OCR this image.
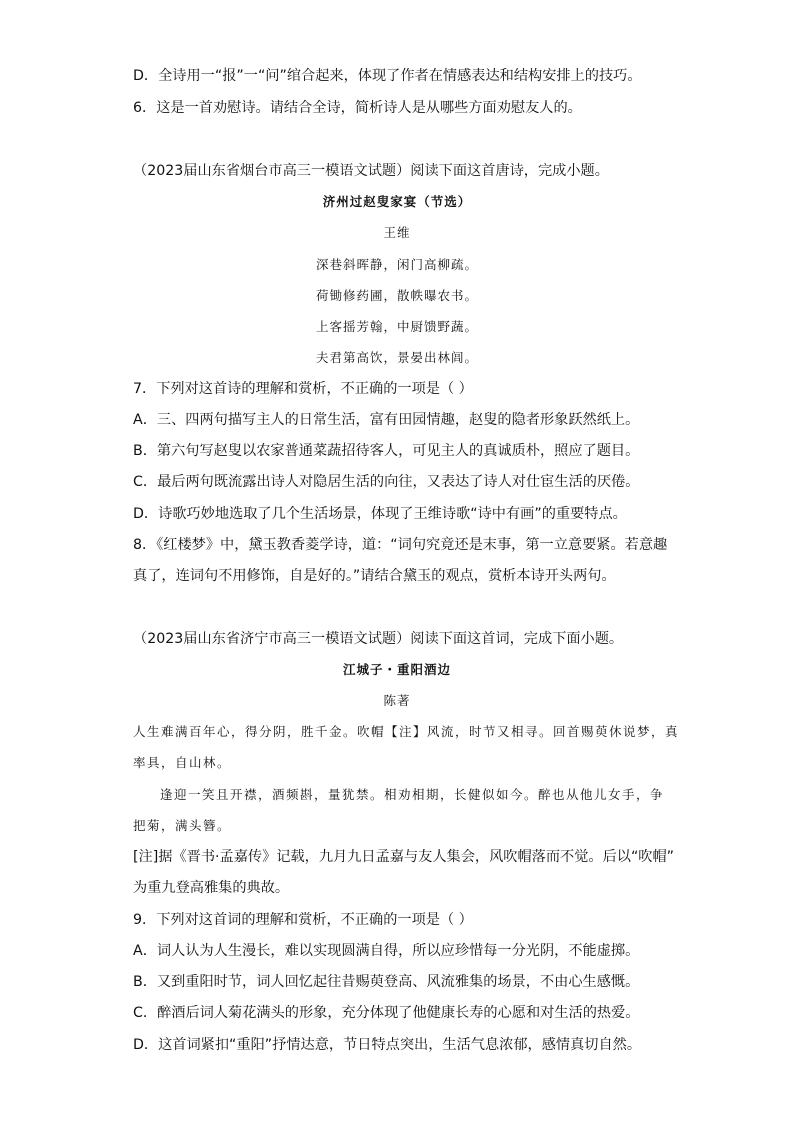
D．全诗用一“报”一“问”绾合起来，体现了作者在情感表达和结构安排上的技巧。
6．这是一首劝慰诗。请结合全诗，简析诗人是从哪些方面劝慰友人的。
（2023届山东省烟台市高三一模语文试题）阅读下面这首唐诗，完成小题。
济州过赵叟家宴（节选）
王维
深巷斜晖静，闲门高柳疏。
荷锄修药圃，散帙曝农书。
上客摇芳翰，中厨馈野蔬。
夫君第高饮，景晏出林闾。
7．下列对这首诗的理解和赏析，不正确的一项是（ ）
A．三、四两句描写主人的日常生活，富有田园情趣，赵叟的隐者形象跃然纸上。
B．第六句写赵叟以农家普通菜蔬招待客人，可见主人的真诚质朴，照应了题目。
C．最后两句既流露出诗人对隐居生活的向往，又表达了诗人对仕宦生活的厌倦。
D．诗歌巧妙地选取了几个生活场景，体现了王维诗歌“诗中有画”的重要特点。
8．《红楼梦》中，黛玉教香菱学诗，道：“词句究竟还是末事，第一立意要紧。若意趣
真了，连词句不用修饰，自是好的。”请结合黛玉的观点，赏析本诗开头两句。
（2023届山东省济宁市高三一模语文试题）阅读下面这首词，完成下面小题。
江城子・重阳酒边
陈著
人生难满百年心，得分阴，胜千金。吹帽【注】风流，时节又相寻。回首赐萸休说梦，真
率具，自山林。
逢迎一笑且开襟，酒频斟，量犹禁。相劝相期，长健似如今。醉也从他儿女手，争
把菊，满头簪。
[注]据《晋书·孟嘉传》记载，九月九日孟嘉与友人集会，风吹帽落而不觉。后以“吹帽”
为重九登高雅集的典故。
9．下列对这首词的理解和赏析，不正确的一项是（ ）
A．词人认为人生漫长，难以实现圆满自得，所以应珍惜每一分光阴，不能虚掷。
B．又到重阳时节，词人回忆起往昔赐萸登高、风流雅集的场景，不由心生感慨。
C．醉酒后词人菊花满头的形象，充分体现了他健康长寿的心愿和对生活的热爱。
D．这首词紧扣“重阳”抒情达意，节日特点突出，生活气息浓郁，感情真切自然。
